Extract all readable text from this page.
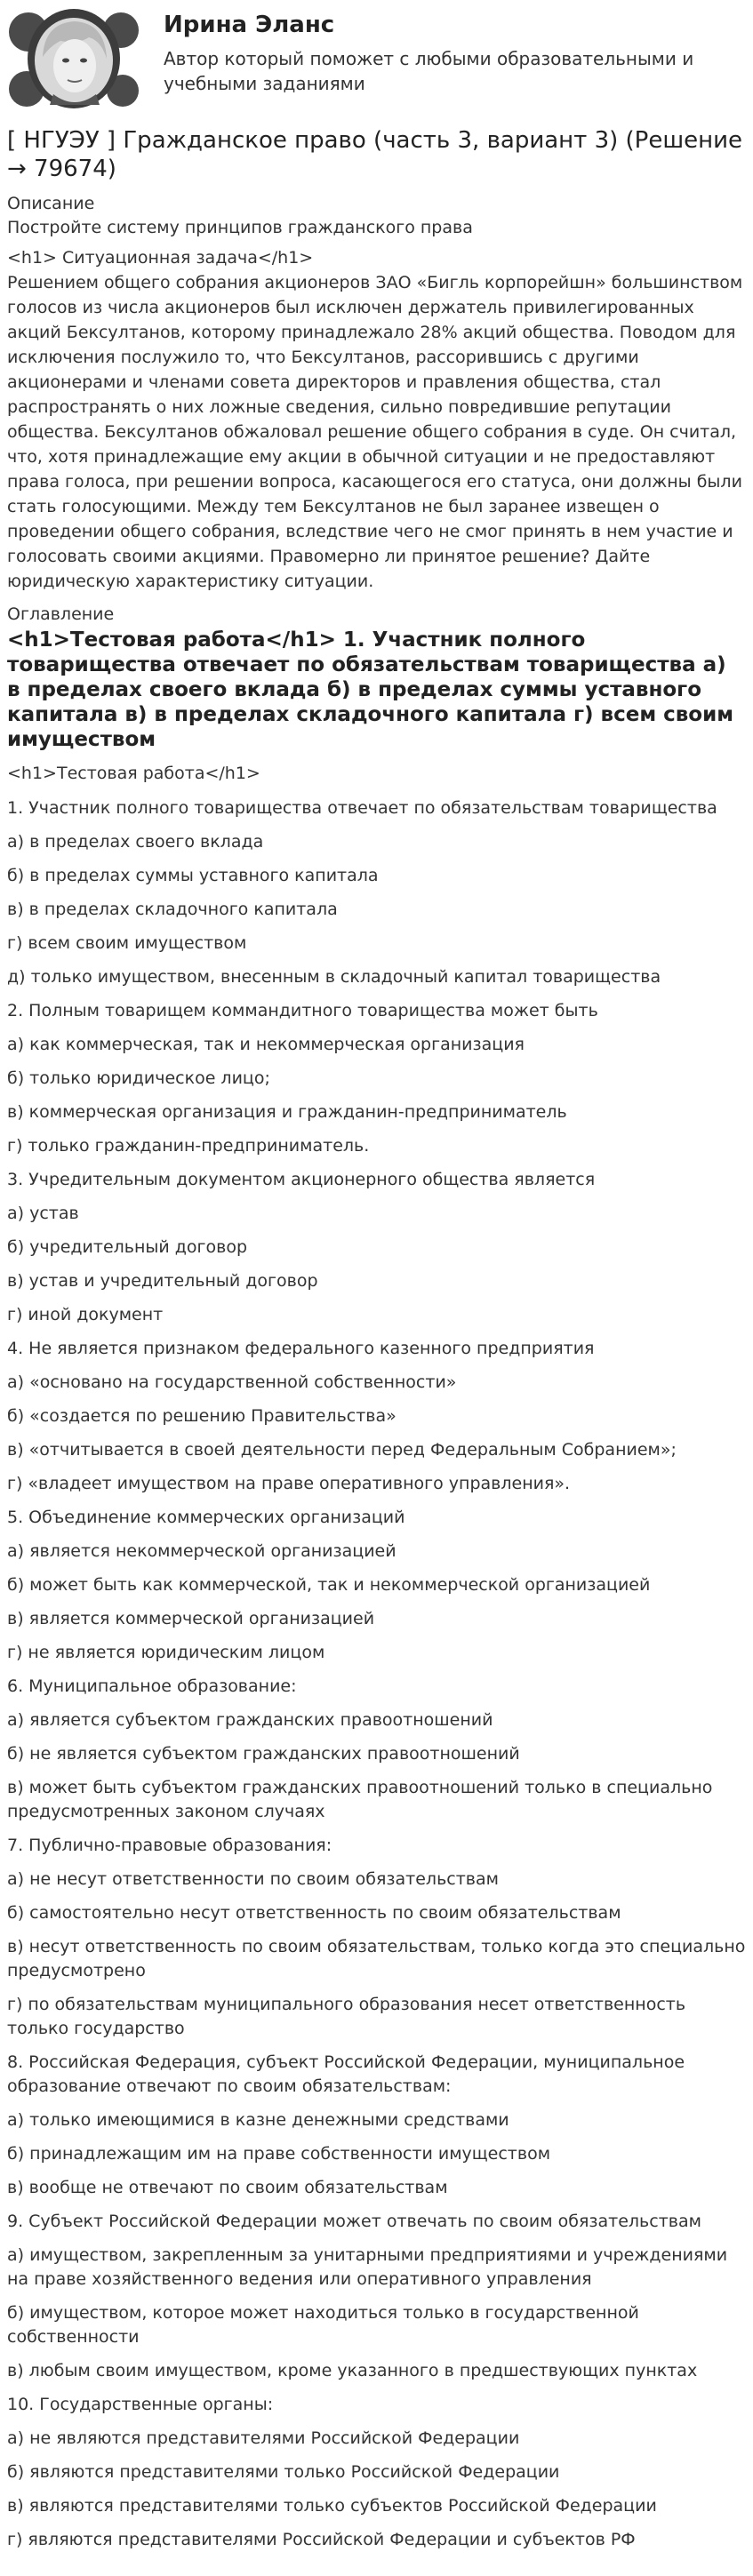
Ирина Эланс
Автор который поможет с любыми образовательными и учебными заданиями
[ НГУЭУ ] Гражданское право (часть 3, вариант 3) (Решение → 79674)
Описание
Постройте систему принципов гражданского права

<h1> Ситуационная задача</h1>

Решением общего собрания акционеров ЗАО «Бигль корпорейшн» большинством голосов из числа акционеров был исключен держатель привилегированных акций Бексултанов, которому принадлежало 28% акций общества. Поводом для исключения послужило то, что Бексултанов, рассорившись с другими акционерами и членами совета директоров и правления общества, стал распространять о них ложные сведения, сильно повредившие репутации общества. Бексултанов обжаловал решение общего собрания в суде. Он считал, что, хотя принадлежащие ему акции в обычной ситуации и не предоставляют права голоса, при решении вопроса, касающегося его статуса, они должны были стать голосующими. Между тем Бексултанов не был заранее извещен о проведении общего собрания, вследствие чего не смог принять в нем участие и голосовать своими акциями. Правомерно ли принятое решение? Дайте юридическую характеристику ситуации.

Оглавление
<h1>Тестовая работа</h1> 1. Участник полного товарищества отвечает по обязательствам товарищества а) в пределах своего вклада б) в пределах суммы уставного капитала в) в пределах складочного капитала г) всем своим имуществом
<h1>Тестовая работа</h1>

1. Участник полного товарищества отвечает по обязательствам товарищества

а) в пределах своего вклада

б) в пределах суммы уставного капитала

в) в пределах складочного капитала

г) всем своим имуществом

д) только имуществом, внесенным в складочный капитал товарищества

2. Полным товарищем коммандитного товарищества может быть

а) как коммерческая, так и некоммерческая организация

б) только юридическое лицо;

в) коммерческая организация и гражданин-предприниматель

г) только гражданин-предприниматель.

3. Учредительным документом акционерного общества является

а) устав

б) учредительный договор

в) устав и учредительный договор

г) иной документ

4. Не является признаком федерального казенного предприятия

а) «основано на государственной собственности»

б) «создается по решению Правительства»

в) «отчитывается в своей деятельности перед Федеральным Собранием»;

г) «владеет имуществом на праве оперативного управления».

5. Объединение коммерческих организаций

а) является некоммерческой организацией

б) может быть как коммерческой, так и некоммерческой организацией

в) является коммерческой организацией

г) не является юридическим лицом

6. Муниципальное образование:

а) является субъектом гражданских правоотношений

б) не является субъектом гражданских правоотношений

в) может быть субъектом гражданских правоотношений только в специально предусмотренных законом случаях

7. Публично-правовые образования:

а) не несут ответственности по своим обязательствам

б) самостоятельно несут ответственность по своим обязательствам

в) несут ответственность по своим обязательствам, только когда это специально предусмотрено

г) по обязательствам муниципального образования несет ответственность только государство

8. Российская Федерация, субъект Российской Федерации, муниципальное образование отвечают по своим обязательствам:

а) только имеющимися в казне денежными средствами

б) принадлежащим им на праве собственности имуществом

в) вообще не отвечают по своим обязательствам

9. Субъект Российской Федерации может отвечать по своим обязательствам

а) имуществом, закрепленным за унитарными предприятиями и учреждениями на праве хозяйственного ведения или оперативного управления

б) имуществом, которое может находиться только в государственной собственности

в) любым своим имуществом, кроме указанного в предшествующих пунктах

10. Государственные органы:

а) не являются представителями Российской Федерации

б) являются представителями только Российской Федерации

в) являются представителями только субъектов Российской Федерации

г) являются представителями Российской Федерации и субъектов РФ
